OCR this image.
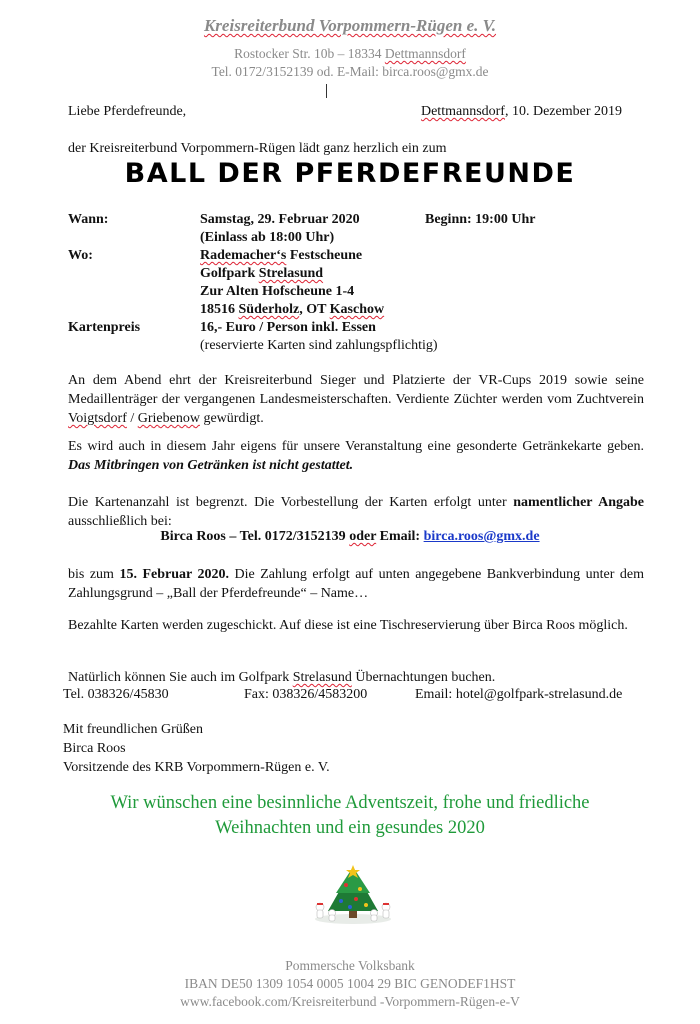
Kreisreiterbund Vorpommern-Rügen e. V.
Rostocker Str. 10b – 18334 Dettmannsdorf
Tel. 0172/3152139 od. E-Mail: birca.roos@gmx.de
Liebe Pferdefreunde,	Dettmannsdorf, 10. Dezember 2019
der Kreisreiterbund Vorpommern-Rügen lädt ganz herzlich ein zum
BALL DER PFERDEFREUNDE
Wann:	Samstag, 29. Februar 2020	Beginn: 19:00 Uhr
(Einlass ab 18:00 Uhr)
Wo:	Rademacher‘s Festscheune
Golfpark Strelasund
Zur Alten Hofscheune 1-4
18516 Süderholz, OT Kaschow
Kartenpreis	16,- Euro / Person inkl. Essen
(reservierte Karten sind zahlungspflichtig)
An dem Abend ehrt der Kreisreiterbund Sieger und Platzierte der VR-Cups 2019 sowie seine Medaillenträger der vergangenen Landesmeisterschaften. Verdiente Züchter werden vom Zuchtverein Voigtsdorf / Griebenow gewürdigt.
Es wird auch in diesem Jahr eigens für unsere Veranstaltung eine gesonderte Getränkekarte geben. Das Mitbringen von Getränken ist nicht gestattet.
Die Kartenanzahl ist begrenzt. Die Vorbestellung der Karten erfolgt unter namentlicher Angabe ausschließlich bei:
Birca Roos – Tel. 0172/3152139 oder Email: birca.roos@gmx.de
bis zum 15. Februar 2020. Die Zahlung erfolgt auf unten angegebene Bankverbindung unter dem Zahlungsgrund – „Ball der Pferdefreunde“ – Name…
Bezahlte Karten werden zugeschickt. Auf diese ist eine Tischreservierung über Birca Roos möglich.
Natürlich können Sie auch im Golfpark Strelasund Übernachtungen buchen.
Tel. 038326/45830	Fax: 038326/4583200	Email: hotel@golfpark-strelasund.de
Mit freundlichen Grüßen
Birca Roos
Vorsitzende des KRB Vorpommern-Rügen e. V.
Wir wünschen eine besinnliche Adventszeit, frohe und friedliche
Weihnachten und ein gesundes 2020
Pommersche Volksbank
IBAN DE50 1309 1054 0005 1004 29 BIC GENODEF1HST
www.facebook.com/Kreisreiterbund -Vorpommern-Rügen-e-V
